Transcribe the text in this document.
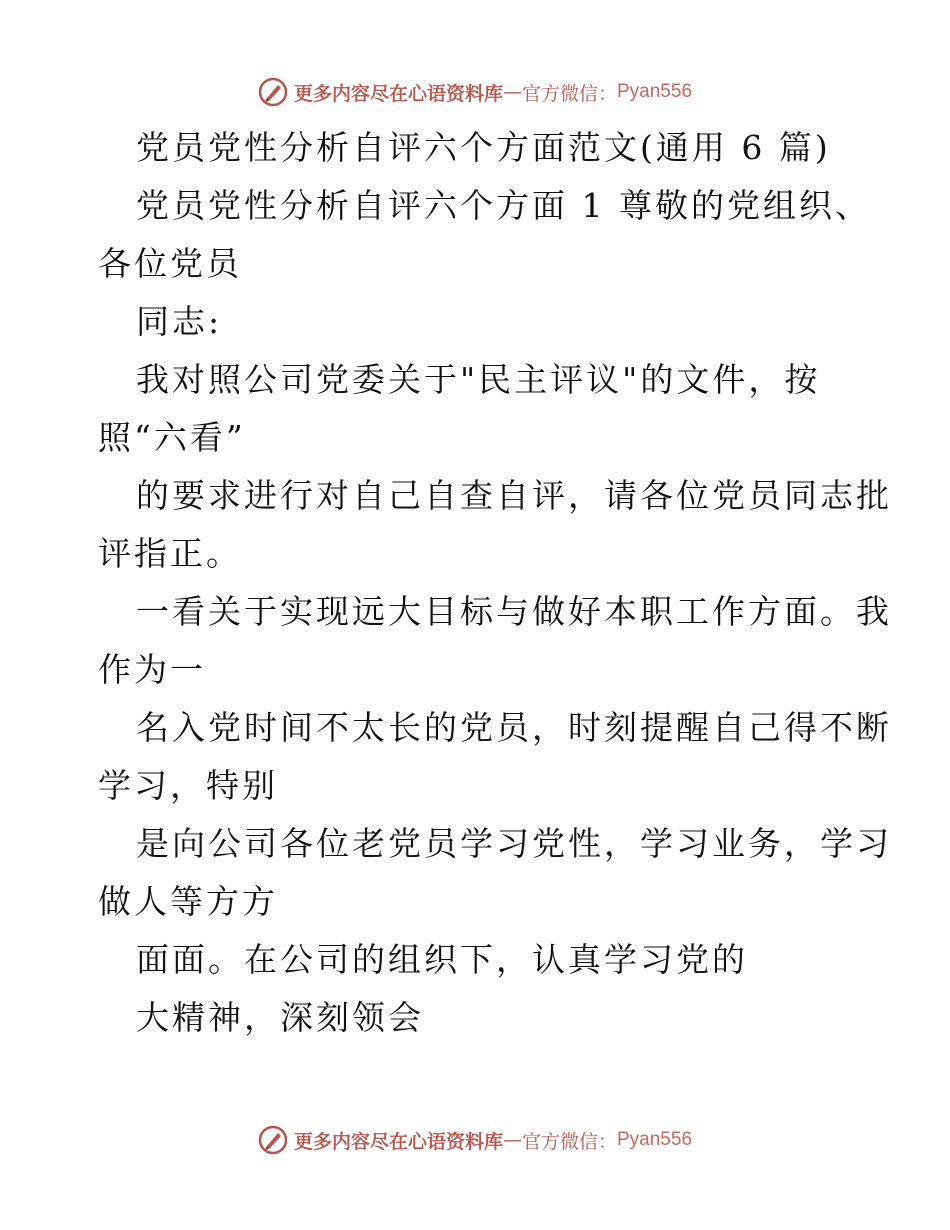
更多内容尽在心语资料库 — 官方微信： Pyan556
党员党性分析自评六个方面范文(通用 6 篇)
党员党性分析自评六个方面 1 尊敬的党组织、
各位党员
同志:
我对照公司党委关于"民主评议"的文件，按
照“六看”
的要求进行对自己自查自评，请各位党员同志批
评指正。
一看关于实现远大目标与做好本职工作方面。我
作为一
名入党时间不太长的党员，时刻提醒自己得不断
学习，特别
是向公司各位老党员学习党性，学习业务，学习
做人等方方
面面。在公司的组织下，认真学习党的
大精神，深刻领会
更多内容尽在心语资料库 — 官方微信： Pyan556
